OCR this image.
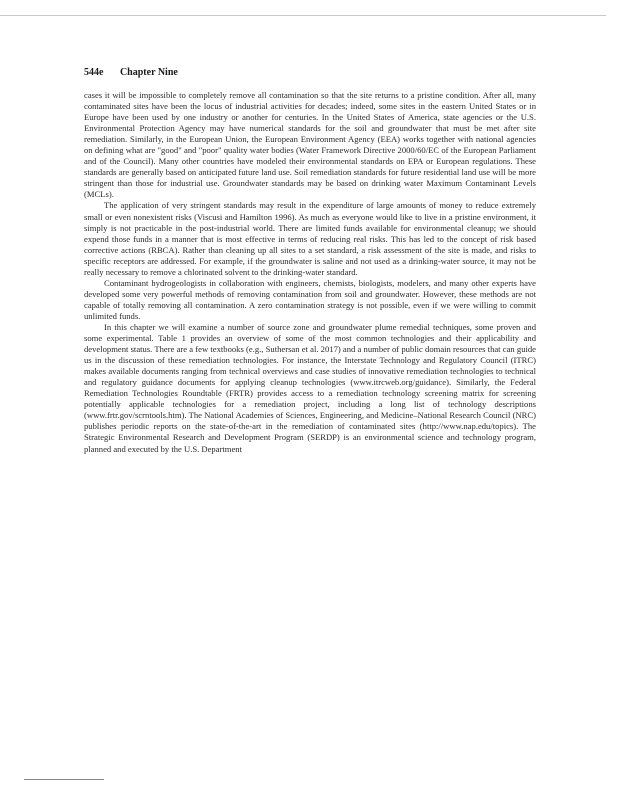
544e Chapter Nine

cases it will be impossible to completely remove all contamination so that the site returns to a pristine condition. After all, many contaminated sites have been the locus of industrial activities for decades; indeed, some sites in the eastern United States or in Europe have been used by one industry or another for centuries. In the United States of America, state agencies or the U.S. Environmental Protection Agency may have numerical standards for the soil and groundwater that must be met after site remediation. Similarly, in the European Union, the European Environment Agency (EEA) works together with national agencies on defining what are "good" and "poor" quality water bodies (Water Framework Directive 2000/60/EC of the European Parliament and of the Council). Many other countries have modeled their environmental standards on EPA or European regulations. These standards are generally based on anticipated future land use. Soil remediation standards for future residential land use will be more stringent than those for industrial use. Groundwater standards may be based on drinking water Maximum Contaminant Levels (MCLs).

The application of very stringent standards may result in the expenditure of large amounts of money to reduce extremely small or even nonexistent risks (Viscusi and Hamilton 1996). As much as everyone would like to live in a pristine environment, it simply is not practicable in the post-industrial world. There are limited funds available for environmental cleanup; we should expend those funds in a manner that is most effective in terms of reducing real risks. This has led to the concept of risk based corrective actions (RBCA). Rather than cleaning up all sites to a set standard, a risk assessment of the site is made, and risks to specific receptors are addressed. For example, if the groundwater is saline and not used as a drinking-water source, it may not be really necessary to remove a chlorinated solvent to the drinking-water standard.

Contaminant hydrogeologists in collaboration with engineers, chemists, biologists, modelers, and many other experts have developed some very powerful methods of removing contamination from soil and groundwater. However, these methods are not capable of totally removing all contamination. A zero contamination strategy is not possible, even if we were willing to commit unlimited funds.

In this chapter we will examine a number of source zone and groundwater plume remedial techniques, some proven and some experimental. Table 1 provides an overview of some of the most common technologies and their applicability and development status. There are a few textbooks (e.g., Suthersan et al. 2017) and a number of public domain resources that can guide us in the discussion of these remediation technologies. For instance, the Interstate Technology and Regulatory Council (ITRC) makes available documents ranging from technical overviews and case studies of innovative remediation technologies to technical and regulatory guidance documents for applying cleanup technologies (www.itrcweb.org/guidance). Similarly, the Federal Remediation Technologies Roundtable (FRTR) provides access to a remediation technology screening matrix for screening potentially applicable technologies for a remediation project, including a long list of technology descriptions (www.frtr.gov/scrntools.htm). The National Academies of Sciences, Engineering, and Medicine–National Research Council (NRC) publishes periodic reports on the state-of-the-art in the remediation of contaminated sites (http://www.nap.edu/topics). The Strategic Environmental Research and Development Program (SERDP) is an environmental science and technology program, planned and executed by the U.S. Department
